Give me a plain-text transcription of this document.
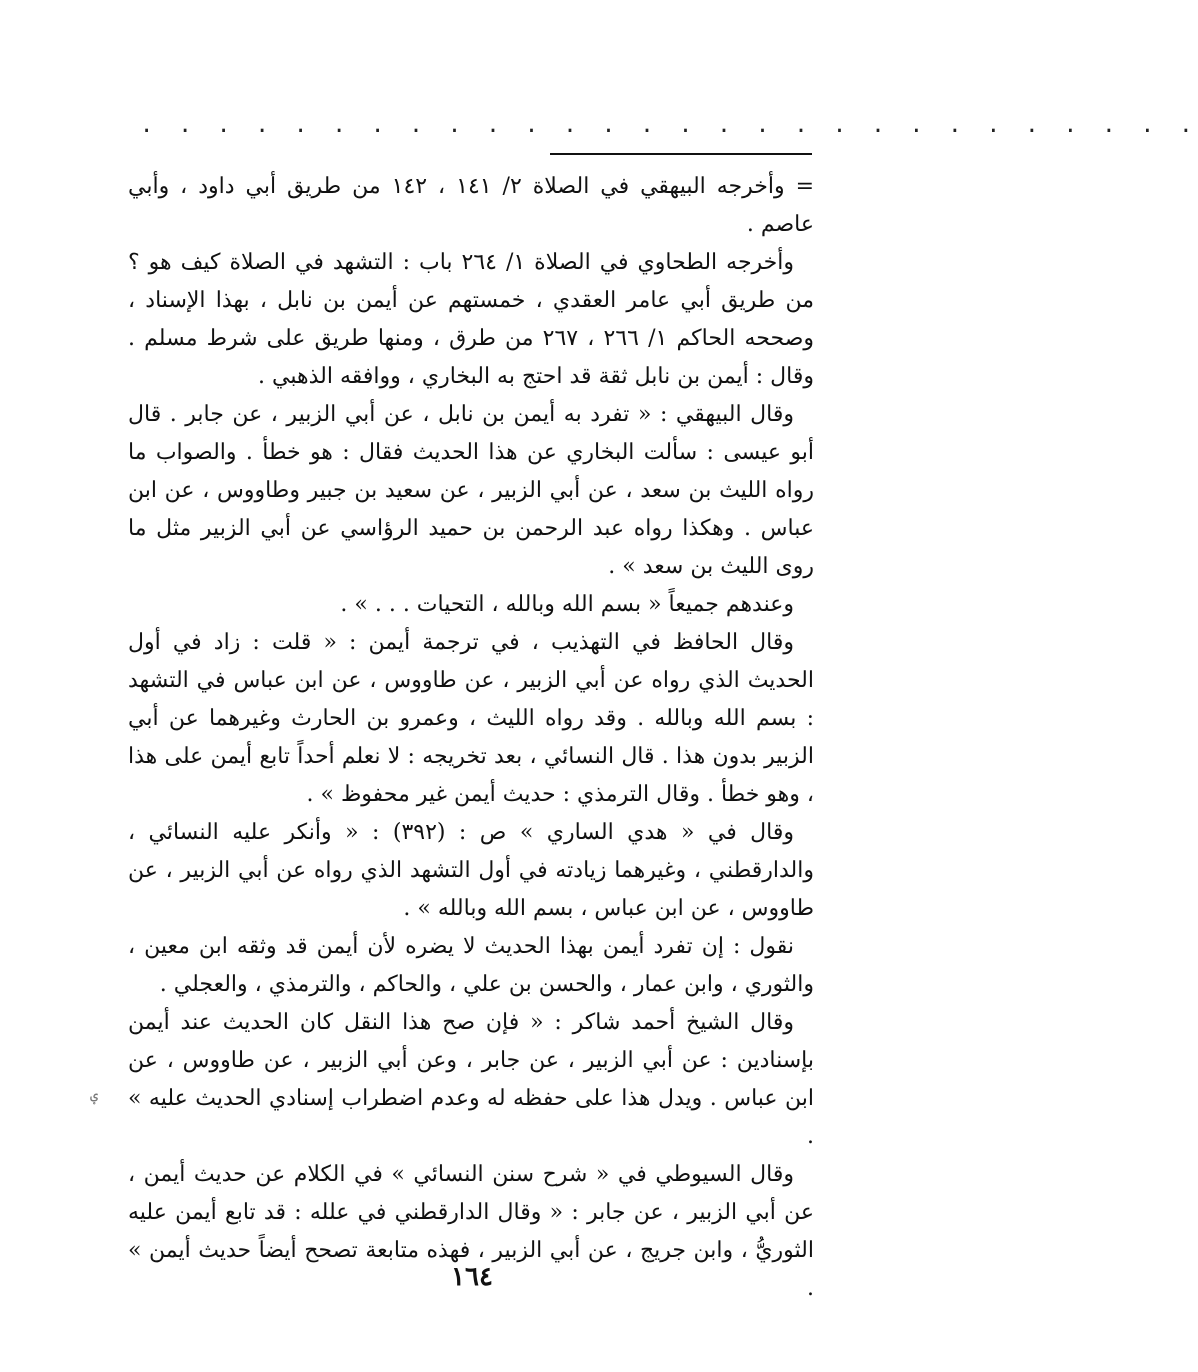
. . . . . . . . . . . . . . . . . . . . . . . . . . . .

= وأخرجه البيهقي في الصلاة ٢/ ١٤١ ، ١٤٢ من طريق أبي داود ، وأبي عاصم .

وأخرجه الطحاوي في الصلاة ١/ ٢٦٤ باب : التشهد في الصلاة كيف هو ؟ من طريق أبي عامر العقدي ، خمستهم عن أيمن بن نابل ، بهذا الإسناد ، وصححه الحاكم ١/ ٢٦٦ ، ٢٦٧ من طرق ، ومنها طريق على شرط مسلم . وقال : أيمن بن نابل ثقة قد احتج به البخاري ، ووافقه الذهبي .

وقال البيهقي : « تفرد به أيمن بن نابل ، عن أبي الزبير ، عن جابر . قال أبو عيسى : سألت البخاري عن هذا الحديث فقال : هو خطأ . والصواب ما رواه الليث بن سعد ، عن أبي الزبير ، عن سعيد بن جبير وطاووس ، عن ابن عباس . وهكذا رواه عبد الرحمن بن حميد الرؤاسي عن أبي الزبير مثل ما روى الليث بن سعد » .

وعندهم جميعاً « بسم الله وبالله ، التحيات . . . » .

وقال الحافظ في التهذيب ، في ترجمة أيمن : « قلت : زاد في أول الحديث الذي رواه عن أبي الزبير ، عن طاووس ، عن ابن عباس في التشهد : بسم الله وبالله . وقد رواه الليث ، وعمرو بن الحارث وغيرهما عن أبي الزبير بدون هذا . قال النسائي ، بعد تخريجه : لا نعلم أحداً تابع أيمن على هذا ، وهو خطأ . وقال الترمذي : حديث أيمن غير محفوظ » .

وقال في « هدي الساري » ص : (٣٩٢) : « وأنكر عليه النسائي ، والدارقطني ، وغيرهما زيادته في أول التشهد الذي رواه عن أبي الزبير ، عن طاووس ، عن ابن عباس ، بسم الله وبالله » .

نقول : إن تفرد أيمن بهذا الحديث لا يضره لأن أيمن قد وثقه ابن معين ، والثوري ، وابن عمار ، والحسن بن علي ، والحاكم ، والترمذي ، والعجلي .

وقال الشيخ أحمد شاكر : « فإن صح هذا النقل كان الحديث عند أيمن بإسنادين : عن أبي الزبير ، عن جابر ، وعن أبي الزبير ، عن طاووس ، عن ابن عباس . ويدل هذا على حفظه له وعدم اضطراب إسنادي الحديث عليه » .

وقال السيوطي في « شرح سنن النسائي » في الكلام عن حديث أيمن ، عن أبي الزبير ، عن جابر : « وقال الدارقطني في علله : قد تابع أيمن عليه الثوريُّ ، وابن جريج ، عن أبي الزبير ، فهذه متابعة تصحح أيضاً حديث أيمن » .

ؠ
١٦٤
